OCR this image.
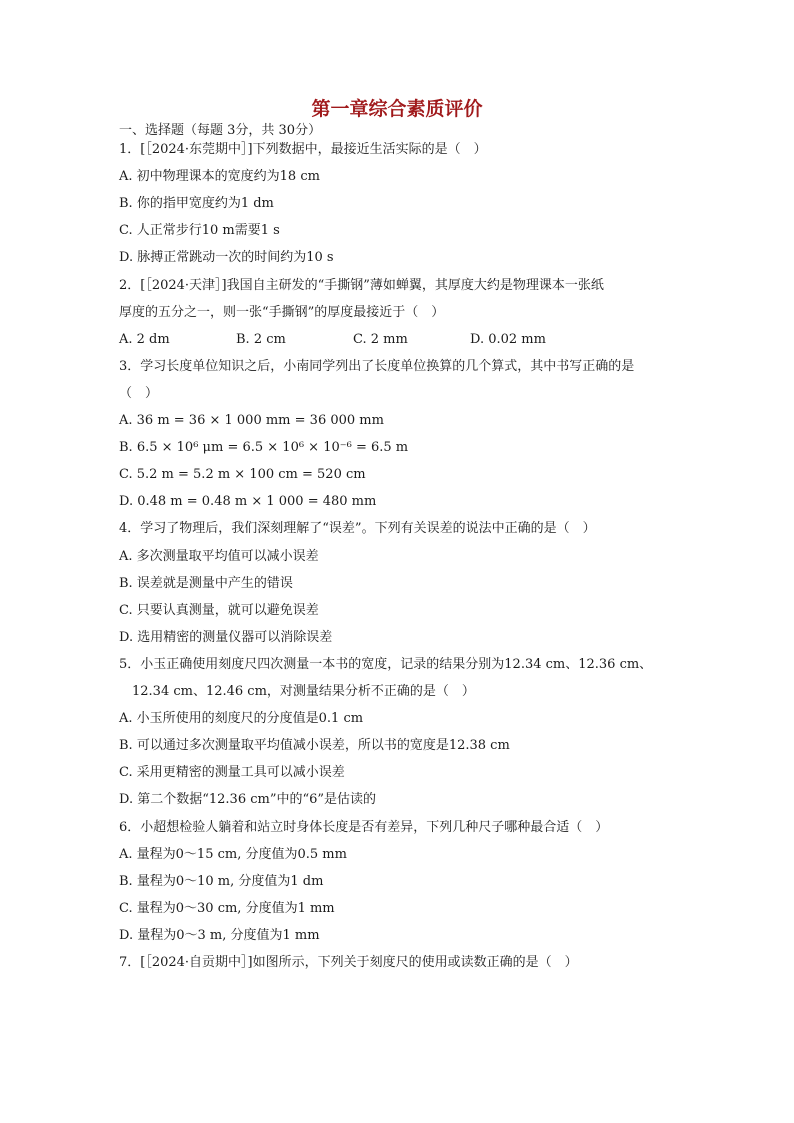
第一章综合素质评价
一、选择题（每题 3分，共 30分）
1．[［2024·东莞期中］]下列数据中，最接近生活实际的是（　）
A. 初中物理课本的宽度约为18 cm
B. 你的指甲宽度约为1 dm
C. 人正常步行10 m需要1 s
D. 脉搏正常跳动一次的时间约为10 s
2．[［2024·天津］]我国自主研发的“手撕钢”薄如蝉翼，其厚度大约是物理课本一张纸
厚度的五分之一，则一张“手撕钢”的厚度最接近于（　）
A. 2 dm	B. 2 cm	C. 2 mm	D. 0.02 mm
3．学习长度单位知识之后，小南同学列出了长度单位换算的几个算式，其中书写正确的是
（　）
A. 36 m = 36 × 1 000 mm = 36 000 mm
B. 6.5 × 10⁶ μm = 6.5 × 10⁶ × 10⁻⁶ = 6.5 m
C. 5.2 m = 5.2 m × 100 cm = 520 cm
D. 0.48 m = 0.48 m × 1 000 = 480 mm
4．学习了物理后，我们深刻理解了“误差”。下列有关误差的说法中正确的是（　）
A. 多次测量取平均值可以减小误差
B. 误差就是测量中产生的错误
C. 只要认真测量，就可以避免误差
D. 选用精密的测量仪器可以消除误差
5．小玉正确使用刻度尺四次测量一本书的宽度，记录的结果分别为12.34 cm、12.36 cm、
　12.34 cm、12.46 cm，对测量结果分析不正确的是（　）
A. 小玉所使用的刻度尺的分度值是0.1 cm
B. 可以通过多次测量取平均值减小误差，所以书的宽度是12.38 cm
C. 采用更精密的测量工具可以减小误差
D. 第二个数据“12.36 cm”中的“6”是估读的
6．小超想检验人躺着和站立时身体长度是否有差异，下列几种尺子哪种最合适（　）
A. 量程为0～15 cm, 分度值为0.5 mm
B. 量程为0～10 m, 分度值为1 dm
C. 量程为0～30 cm, 分度值为1 mm
D. 量程为0～3 m, 分度值为1 mm
7．[［2024·自贡期中］]如图所示，下列关于刻度尺的使用或读数正确的是（　）
